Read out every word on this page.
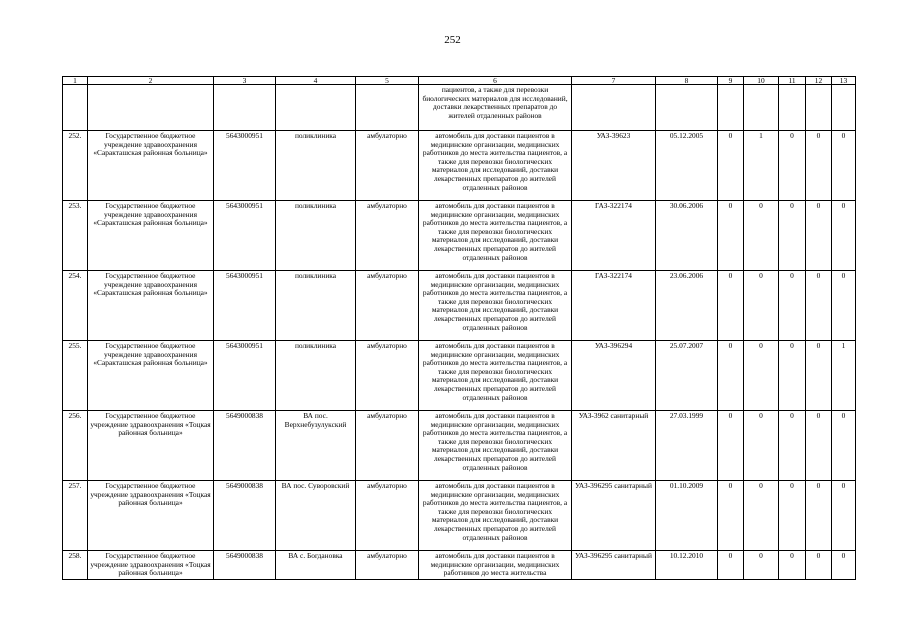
252
1	2	3	4	5	6	7	8	9	10	11	12	13
					пациентов, а также для перевозки биологических материалов для исследований, доставки лекарственных препаратов до жителей отдаленных районов							
252.	Государственное бюджетное учреждение здравоохранения «Саракташская районная больница»	5643000951	поликлиника	амбулаторно	автомобиль для доставки пациентов в медицинские организации, медицинских работников до места жительства пациентов, а также для перевозки биологических материалов для исследований, доставки лекарственных препаратов до жителей отдаленных районов	УАЗ-39623	05.12.2005	0	1	0	0	0
253.	Государственное бюджетное учреждение здравоохранения «Саракташская районная больница»	5643000951	поликлиника	амбулаторно	автомобиль для доставки пациентов в медицинские организации, медицинских работников до места жительства пациентов, а также для перевозки биологических материалов для исследований, доставки лекарственных препаратов до жителей отдаленных районов	ГАЗ-322174	30.06.2006	0	0	0	0	0
254.	Государственное бюджетное учреждение здравоохранения «Саракташская районная больница»	5643000951	поликлиника	амбулаторно	автомобиль для доставки пациентов в медицинские организации, медицинских работников до места жительства пациентов, а также для перевозки биологических материалов для исследований, доставки лекарственных препаратов до жителей отдаленных районов	ГАЗ-322174	23.06.2006	0	0	0	0	0
255.	Государственное бюджетное учреждение здравоохранения «Саракташская районная больница»	5643000951	поликлиника	амбулаторно	автомобиль для доставки пациентов в медицинские организации, медицинских работников до места жительства пациентов, а также для перевозки биологических материалов для исследований, доставки лекарственных препаратов до жителей отдаленных районов	УАЗ-396294	25.07.2007	0	0	0	0	1
256.	Государственное бюджетное учреждение здравоохранения «Тоцкая районная больница»	5649000838	ВА пос. Верхнебузулукский	амбулаторно	автомобиль для доставки пациентов в медицинские организации, медицинских работников до места жительства пациентов, а также для перевозки биологических материалов для исследований, доставки лекарственных препаратов до жителей отдаленных районов	УАЗ-3962 санитарный	27.03.1999	0	0	0	0	0
257.	Государственное бюджетное учреждение здравоохранения «Тоцкая районная больница»	5649000838	ВА пос. Суворовский	амбулаторно	автомобиль для доставки пациентов в медицинские организации, медицинских работников до места жительства пациентов, а также для перевозки биологических материалов для исследований, доставки лекарственных препаратов до жителей отдаленных районов	УАЗ-396295 санитарный	01.10.2009	0	0	0	0	0
258.	Государственное бюджетное учреждение здравоохранения «Тоцкая районная больница»	5649000838	ВА с. Богдановка	амбулаторно	автомобиль для доставки пациентов в медицинские организации, медицинских работников до места жительства	УАЗ-396295 санитарный	10.12.2010	0	0	0	0	0
